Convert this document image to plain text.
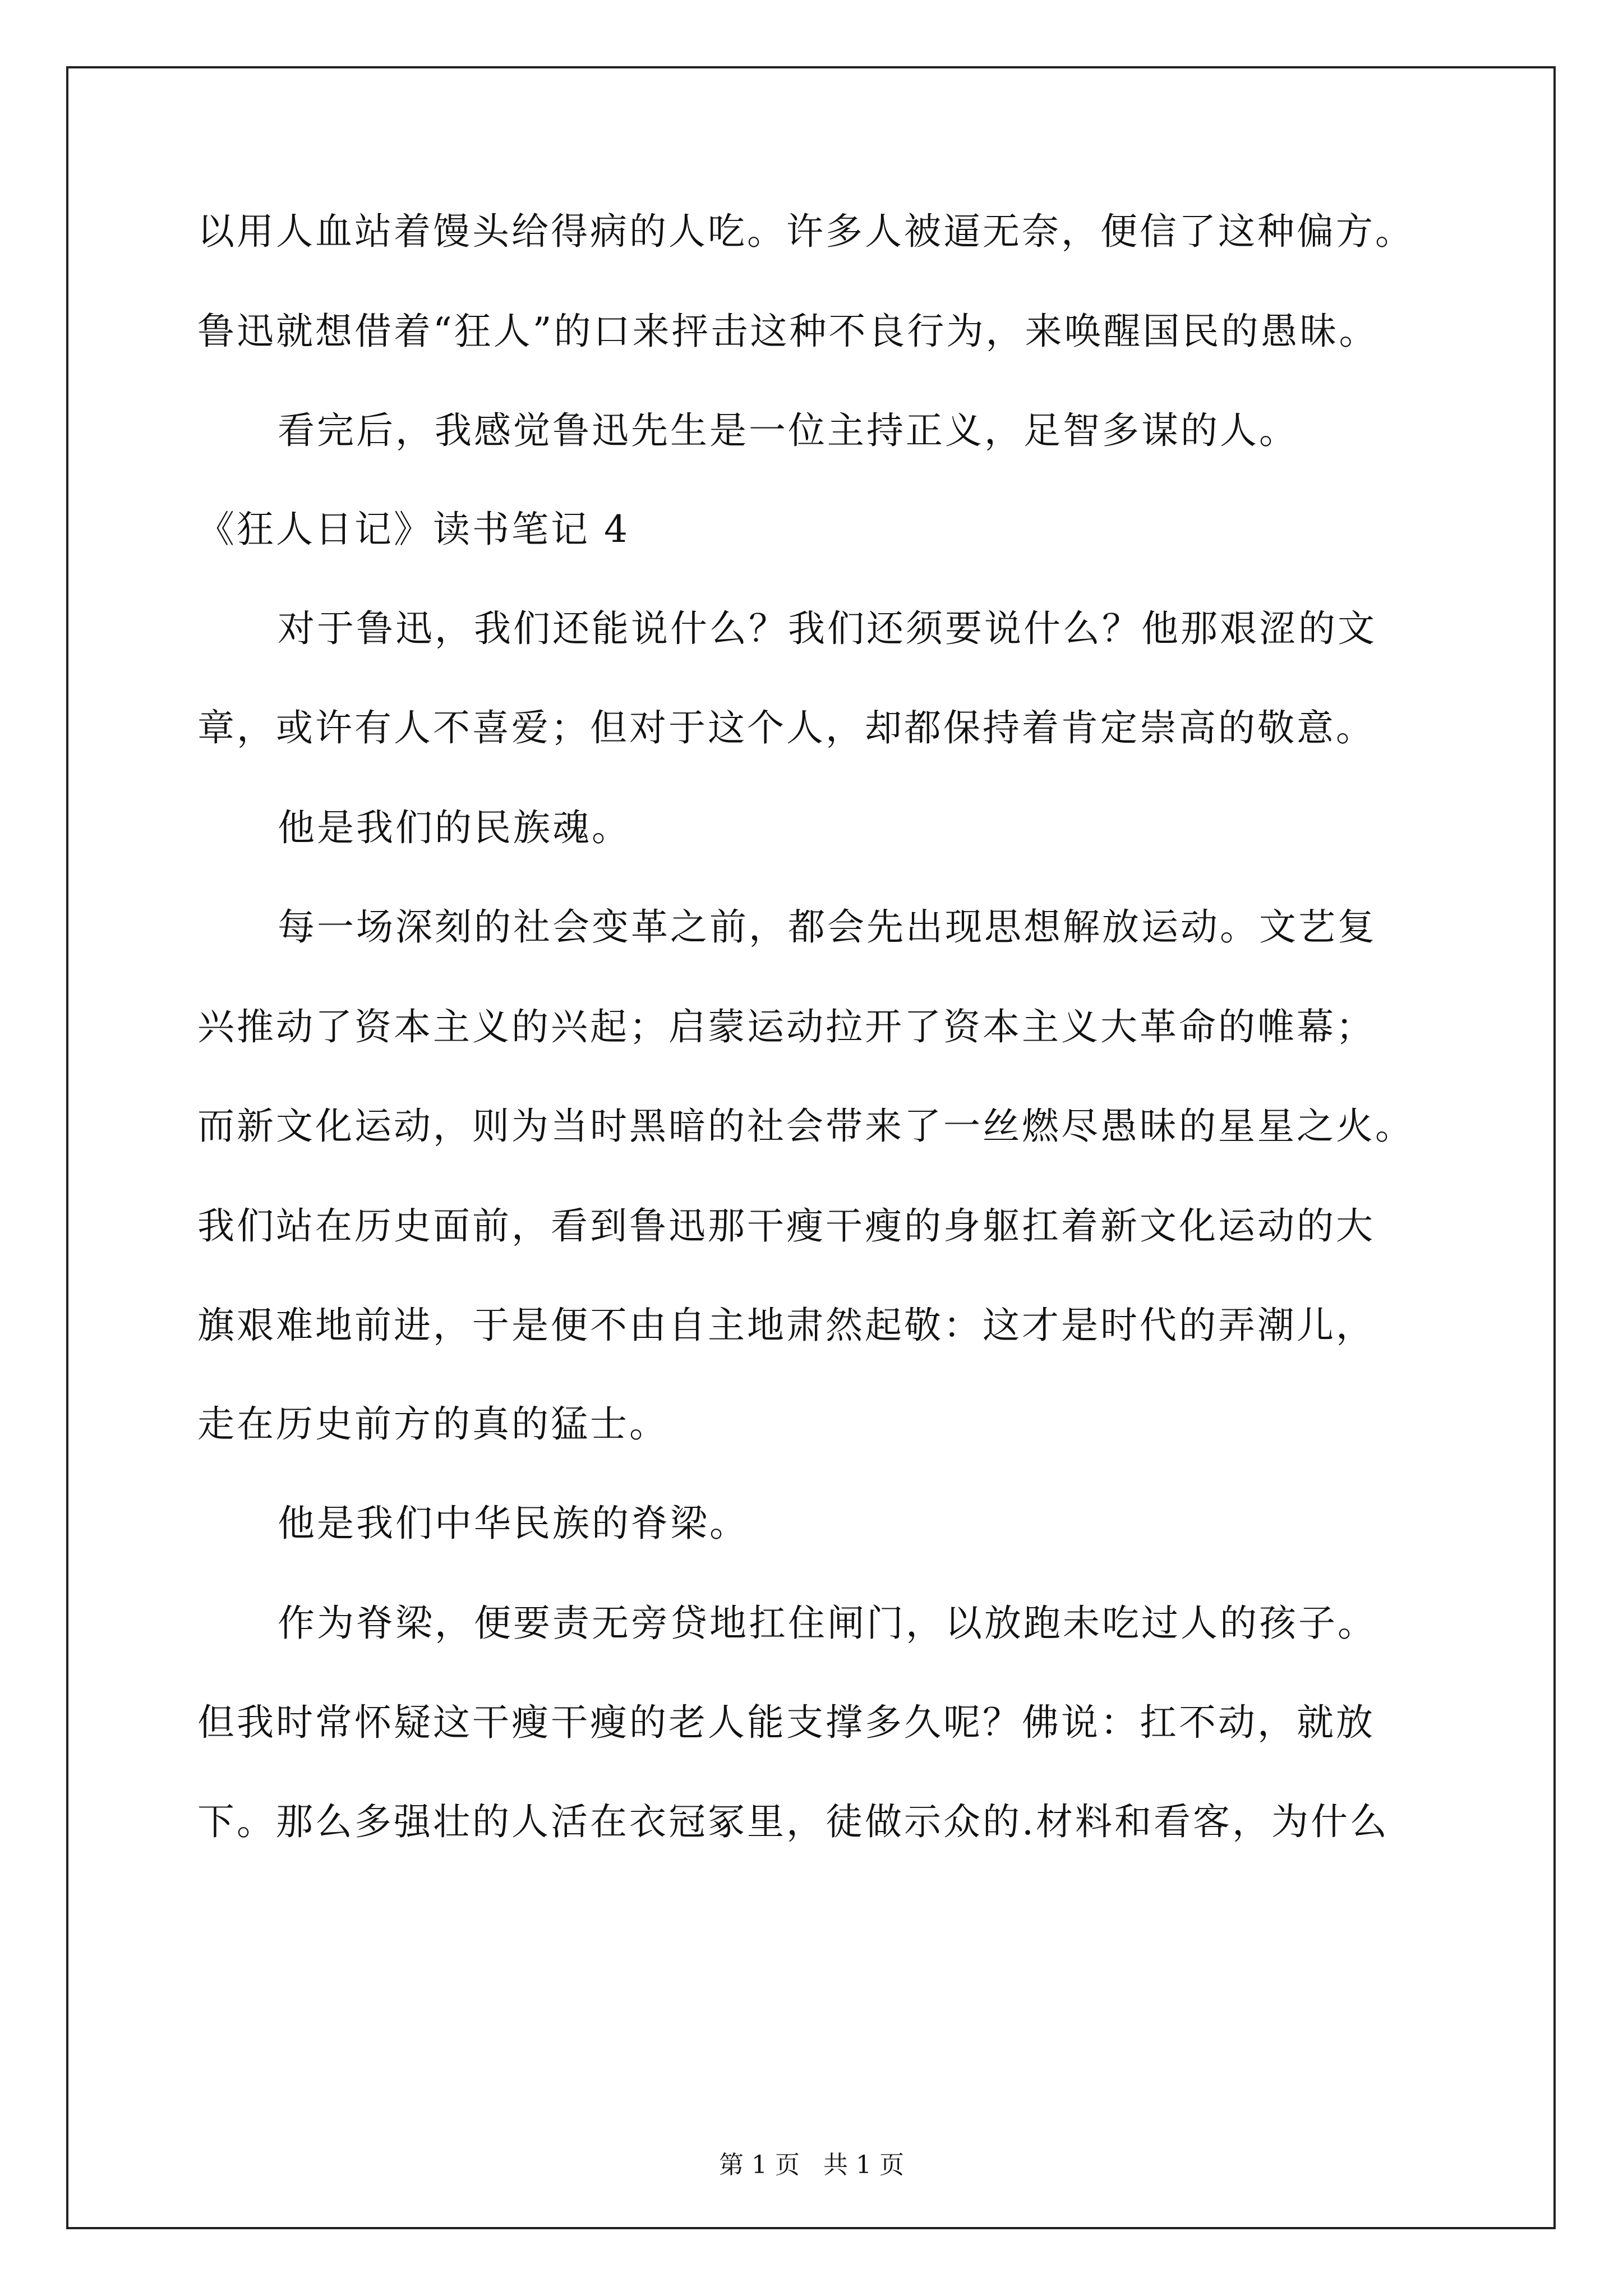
以用人血站着馒头给得病的人吃。许多人被逼无奈，便信了这种偏方。
鲁迅就想借着“狂人”的口来抨击这种不良行为，来唤醒国民的愚昧。
看完后，我感觉鲁迅先生是一位主持正义，足智多谋的人。
《狂人日记》读书笔记 4
对于鲁迅，我们还能说什么？我们还须要说什么？他那艰涩的文
章，或许有人不喜爱；但对于这个人，却都保持着肯定崇高的敬意。
他是我们的民族魂。
每一场深刻的社会变革之前，都会先出现思想解放运动。文艺复
兴推动了资本主义的兴起；启蒙运动拉开了资本主义大革命的帷幕；
而新文化运动，则为当时黑暗的社会带来了一丝燃尽愚昧的星星之火。
我们站在历史面前，看到鲁迅那干瘦干瘦的身躯扛着新文化运动的大
旗艰难地前进，于是便不由自主地肃然起敬：这才是时代的弄潮儿，
走在历史前方的真的猛士。
他是我们中华民族的脊梁。
作为脊梁，便要责无旁贷地扛住闸门，以放跑未吃过人的孩子。
但我时常怀疑这干瘦干瘦的老人能支撑多久呢？佛说：扛不动，就放
下。那么多强壮的人活在衣冠冢里，徒做示众的.材料和看客，为什么
第 1 页   共 1 页
